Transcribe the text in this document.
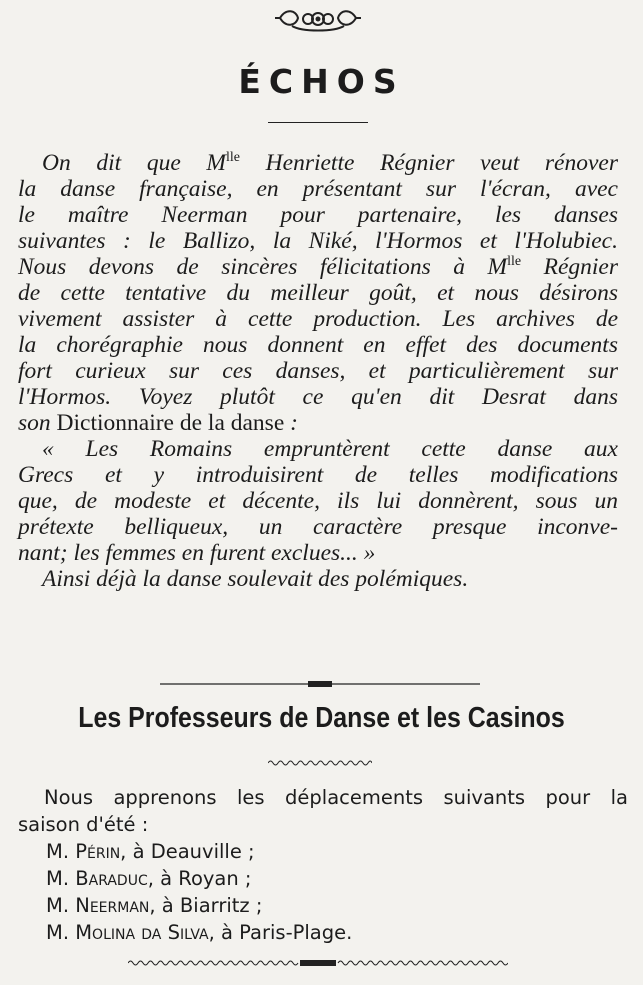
ÉCHOS

On dit que $M^{lle}$ Henriette Régnier veut rénover
la danse française, en présentant sur l'écran, avec
le maître Neerman pour partenaire, les danses
suivantes : le Ballizo, la Niké, l'Hormos et l'Holubiec.
Nous devons de sincères félicitations à $M^{lle}$ Régnier
de cette tentative du meilleur goût, et nous désirons
vivement assister à cette production. Les archives de
la chorégraphie nous donnent en effet des documents
fort curieux sur ces danses, et particulièrement sur
l'Hormos. Voyez plutôt ce qu'en dit Desrat dans
son Dictionnaire de la danse :
« Les Romains empruntèrent cette danse aux
Grecs et y introduisirent de telles modifications
que, de modeste et décente, ils lui donnèrent, sous un
prétexte belliqueux, un caractère presque inconve-
nant; les femmes en furent exclues... »
Ainsi déjà la danse soulevait des polémiques.

Les Professeurs de Danse et les Casinos
Nous apprenons les déplacements suivants pour la
saison d'été :
M. Périn, à Deauville ;
M. Baraduc, à Royan ;
M. Neerman, à Biarritz ;
M. Molina da Silva, à Paris-Plage.
